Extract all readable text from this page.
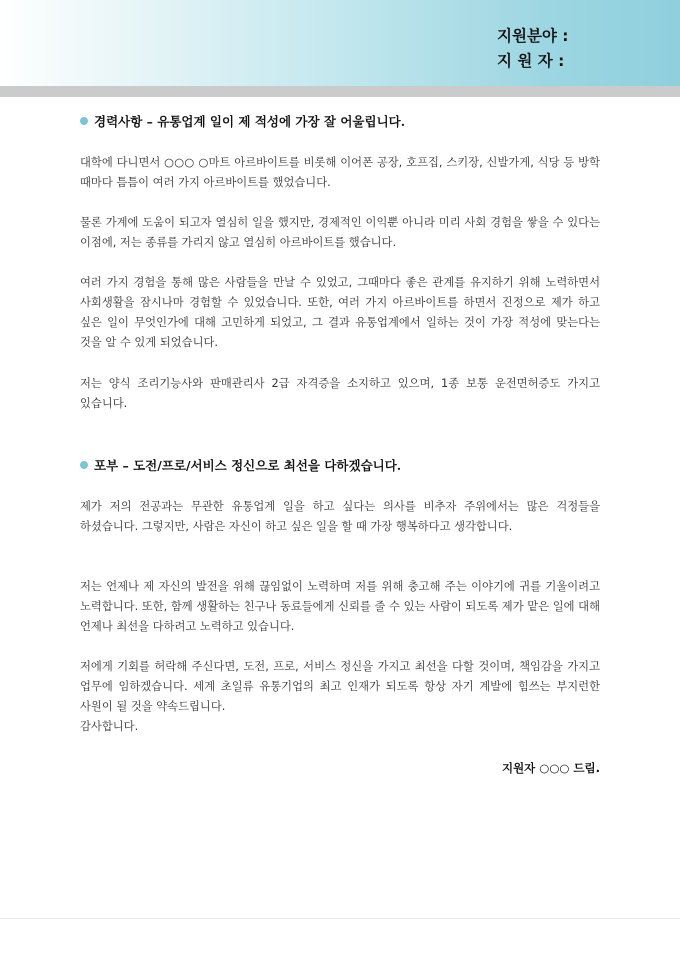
지원분야 :
지 원 자 :
경력사항 – 유통업계 일이 제 적성에 가장 잘 어울립니다.

대학에 다니면서 ○○○ ○마트 아르바이트를 비롯해 이어폰 공장, 호프집, 스키장, 신발가게, 식당 등 방학 때마다 틈틈이 여러 가지 아르바이트를 했었습니다.

물론 가계에 도움이 되고자 열심히 일을 했지만, 경제적인 이익뿐 아니라 미리 사회 경험을 쌓을 수 있다는 이점에, 저는 종류를 가리지 않고 열심히 아르바이트를 했습니다.

여러 가지 경험을 통해 많은 사람들을 만날 수 있었고, 그때마다 좋은 관계를 유지하기 위해 노력하면서 사회생활을 잠시나마 경험할 수 있었습니다. 또한, 여러 가지 아르바이트를 하면서 진정으로 제가 하고 싶은 일이 무엇인가에 대해 고민하게 되었고, 그 결과 유통업계에서 일하는 것이 가장 적성에 맞는다는 것을 알 수 있게 되었습니다.

저는 양식 조리기능사와 판매관리사 2급 자격증을 소지하고 있으며, 1종 보통 운전면허증도 가지고 있습니다.

포부 – 도전/프로/서비스 정신으로 최선을 다하겠습니다.

제가 저의 전공과는 무관한 유통업계 일을 하고 싶다는 의사를 비추자 주위에서는 많은 걱정들을 하셨습니다. 그렇지만, 사람은 자신이 하고 싶은 일을 할 때 가장 행복하다고 생각합니다.

저는 언제나 제 자신의 발전을 위해 끊임없이 노력하며 저를 위해 충고해 주는 이야기에 귀를 기울이려고 노력합니다. 또한, 함께 생활하는 친구나 동료들에게 신뢰를 줄 수 있는 사람이 되도록 제가 맡은 일에 대해 언제나 최선을 다하려고 노력하고 있습니다.

저에게 기회를 허락해 주신다면, 도전, 프로, 서비스 정신을 가지고 최선을 다할 것이며, 책임감을 가지고 업무에 임하겠습니다. 세계 초일류 유통기업의 최고 인재가 되도록 항상 자기 계발에 힘쓰는 부지런한 사원이 될 것을 약속드립니다.

감사합니다.

지원자 ○○○ 드림.
